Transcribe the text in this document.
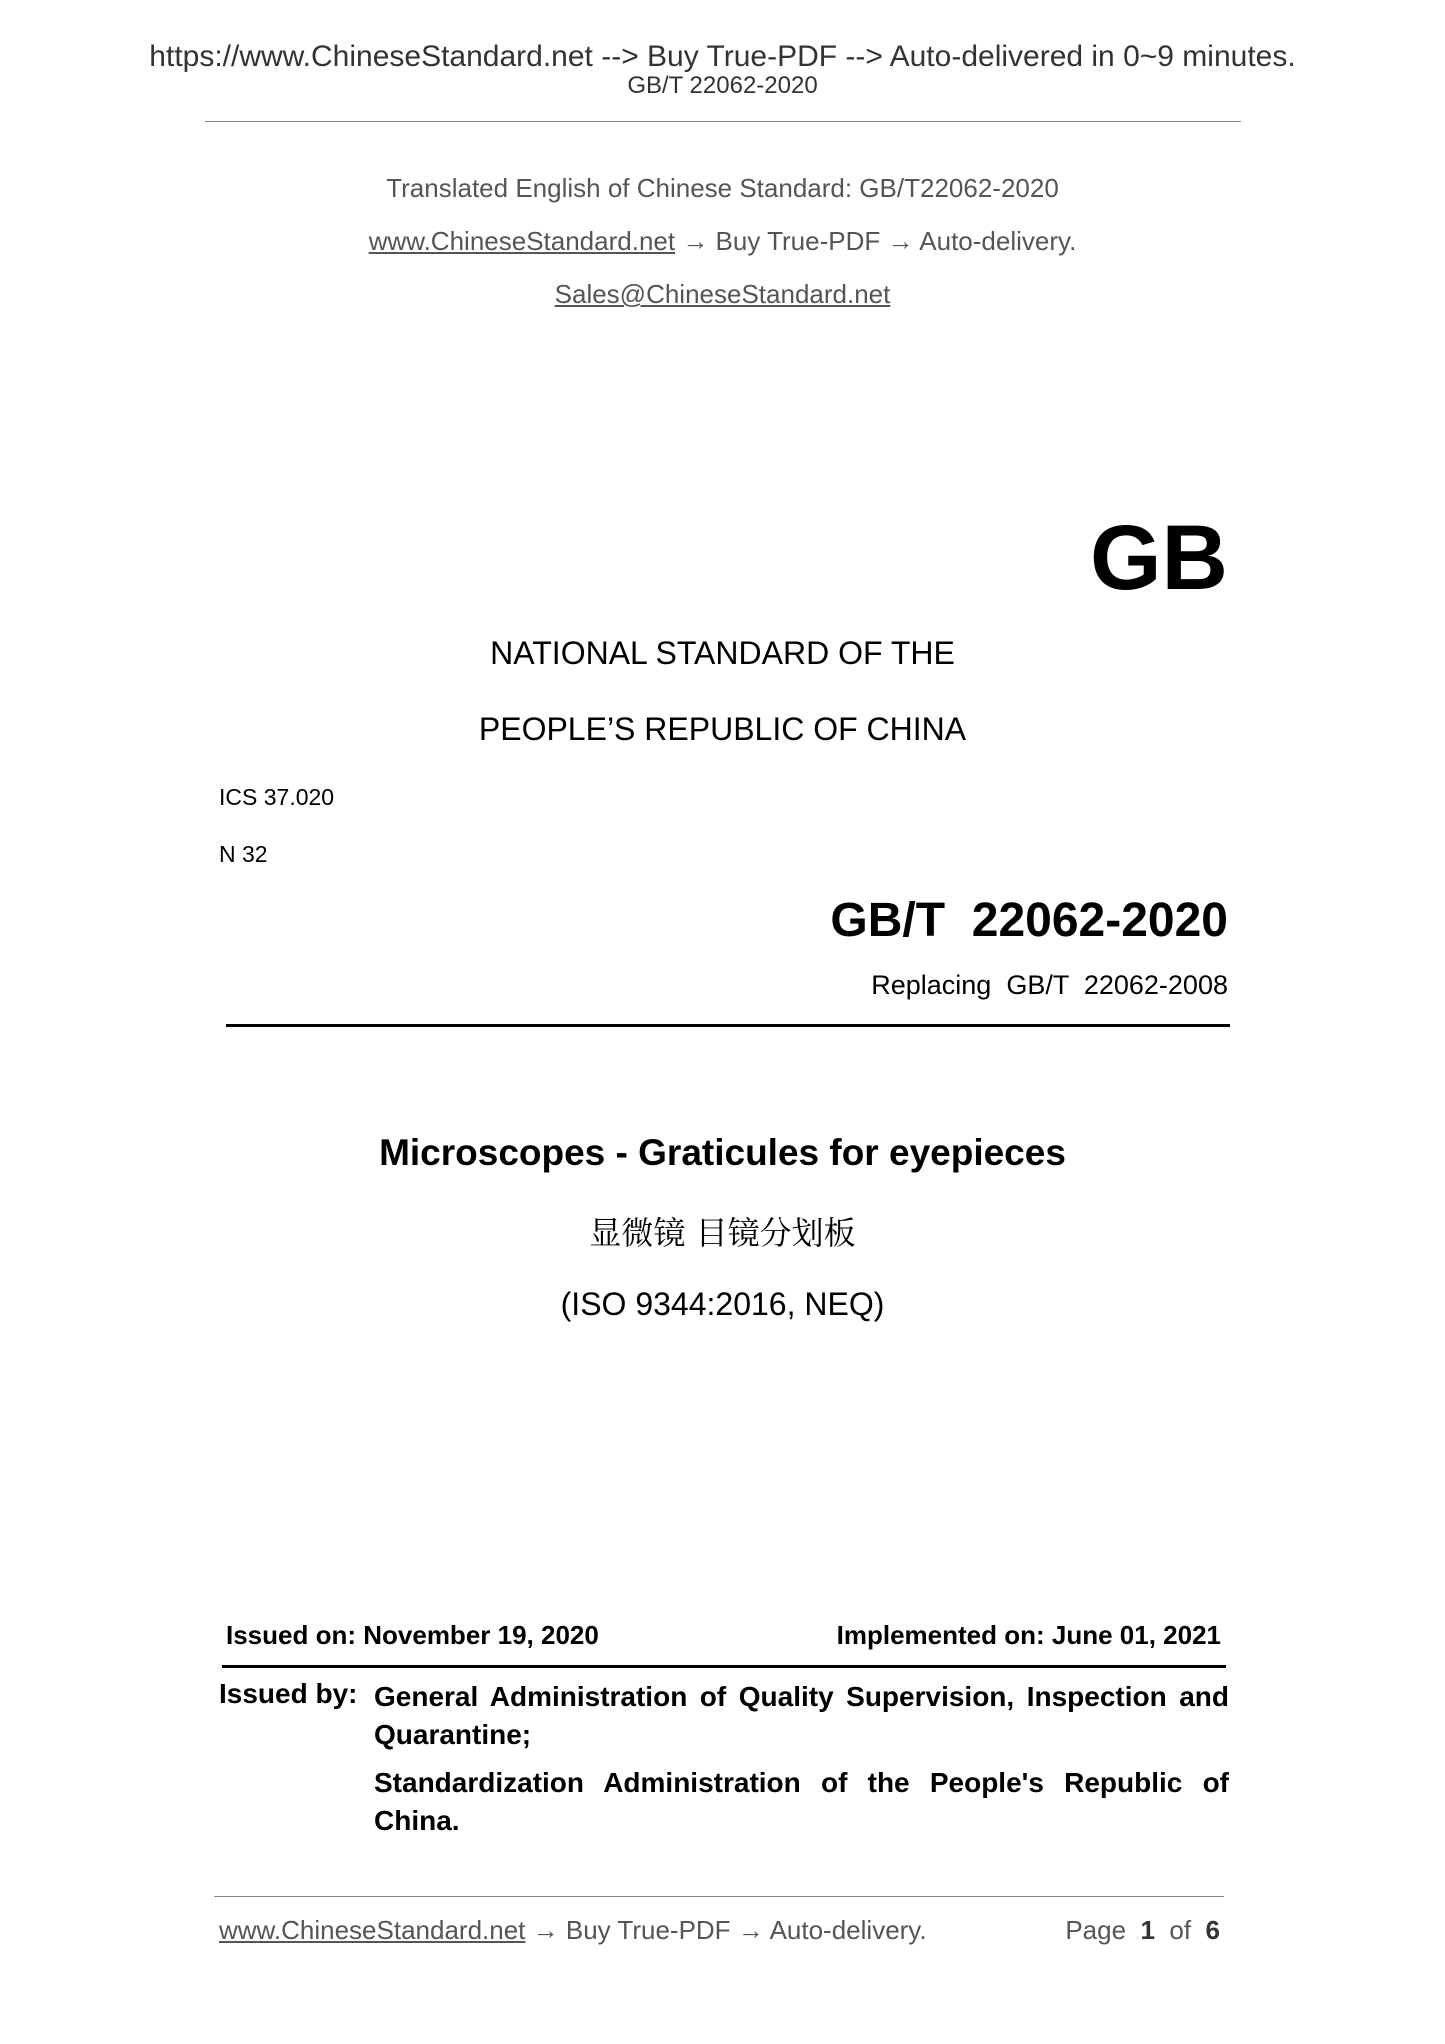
https://www.ChineseStandard.net --> Buy True-PDF --> Auto-delivered in 0~9 minutes.
GB/T 22062-2020
Translated English of Chinese Standard: GB/T22062-2020
www.ChineseStandard.net → Buy True-PDF → Auto-delivery.
Sales@ChineseStandard.net
GB
NATIONAL STANDARD OF THE
PEOPLE’S REPUBLIC OF CHINA
ICS 37.020
N 32
GB/T  22062-2020
Replacing  GB/T  22062-2008
Microscopes - Graticules for eyepieces
显微镜 目镜分划板
(ISO 9344:2016, NEQ)
Issued on: November 19, 2020	Implemented on: June 01, 2021
Issued by: General Administration of Quality Supervision, Inspection and Quarantine;
Standardization Administration of the People's Republic of China.
www.ChineseStandard.net → Buy True-PDF → Auto-delivery.	Page  1  of  6
